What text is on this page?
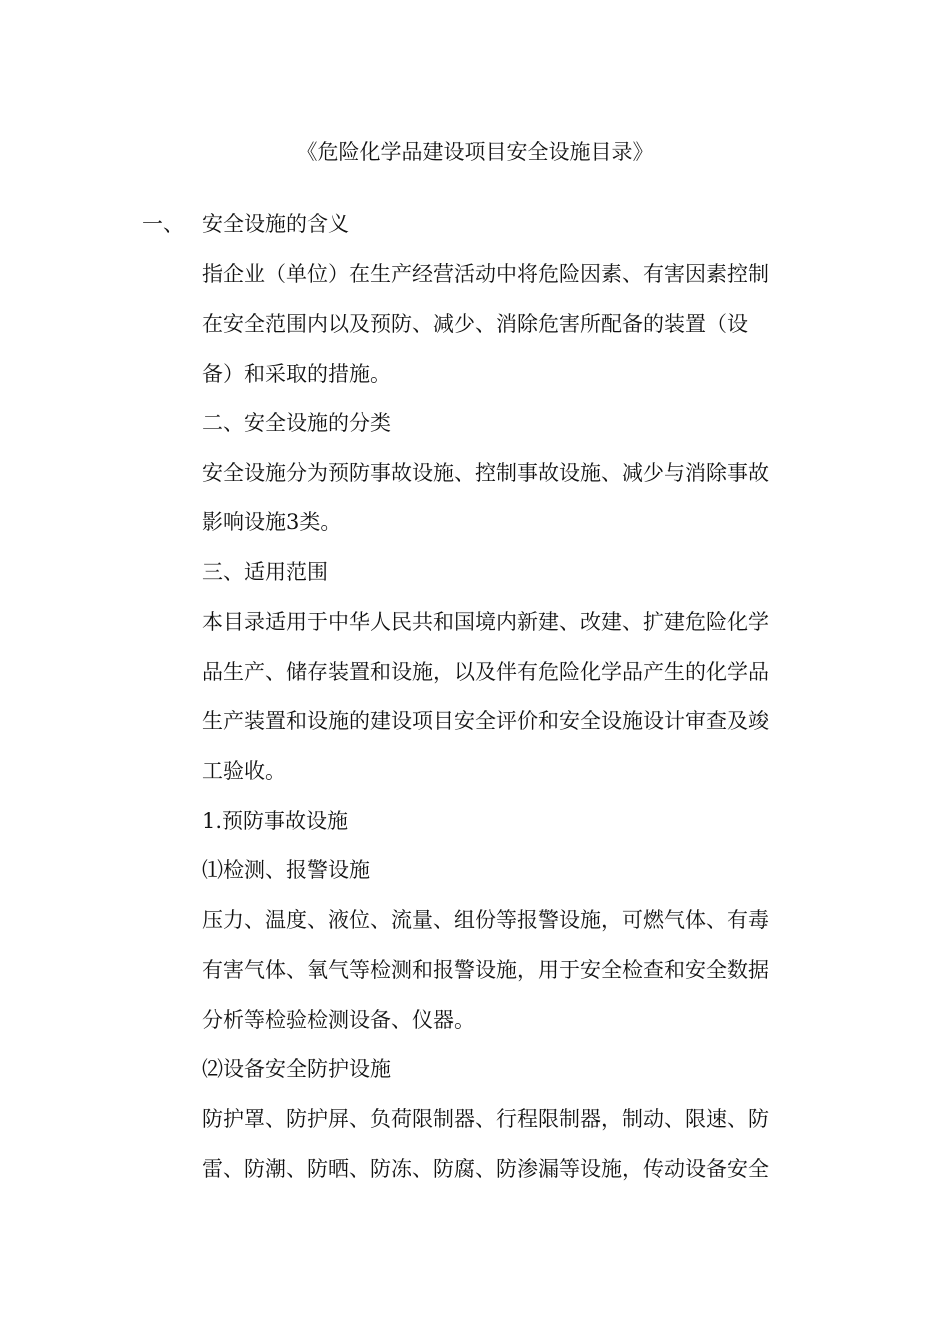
《危险化学品建设项目安全设施目录》
一、 安全设施的含义
指企业（单位）在生产经营活动中将危险因素、有害因素控制
在安全范围内以及预防、减少、消除危害所配备的装置（设
备）和采取的措施。
二、安全设施的分类
安全设施分为预防事故设施、控制事故设施、减少与消除事故
影响设施3类。
三、适用范围
本目录适用于中华人民共和国境内新建、改建、扩建危险化学
品生产、储存装置和设施，以及伴有危险化学品产生的化学品
生产装置和设施的建设项目安全评价和安全设施设计审查及竣
工验收。
1.预防事故设施
⑴检测、报警设施
压力、温度、液位、流量、组份等报警设施，可燃气体、有毒
有害气体、氧气等检测和报警设施，用于安全检查和安全数据
分析等检验检测设备、仪器。
⑵设备安全防护设施
防护罩、防护屏、负荷限制器、行程限制器，制动、限速、防
雷、防潮、防晒、防冻、防腐、防渗漏等设施，传动设备安全
